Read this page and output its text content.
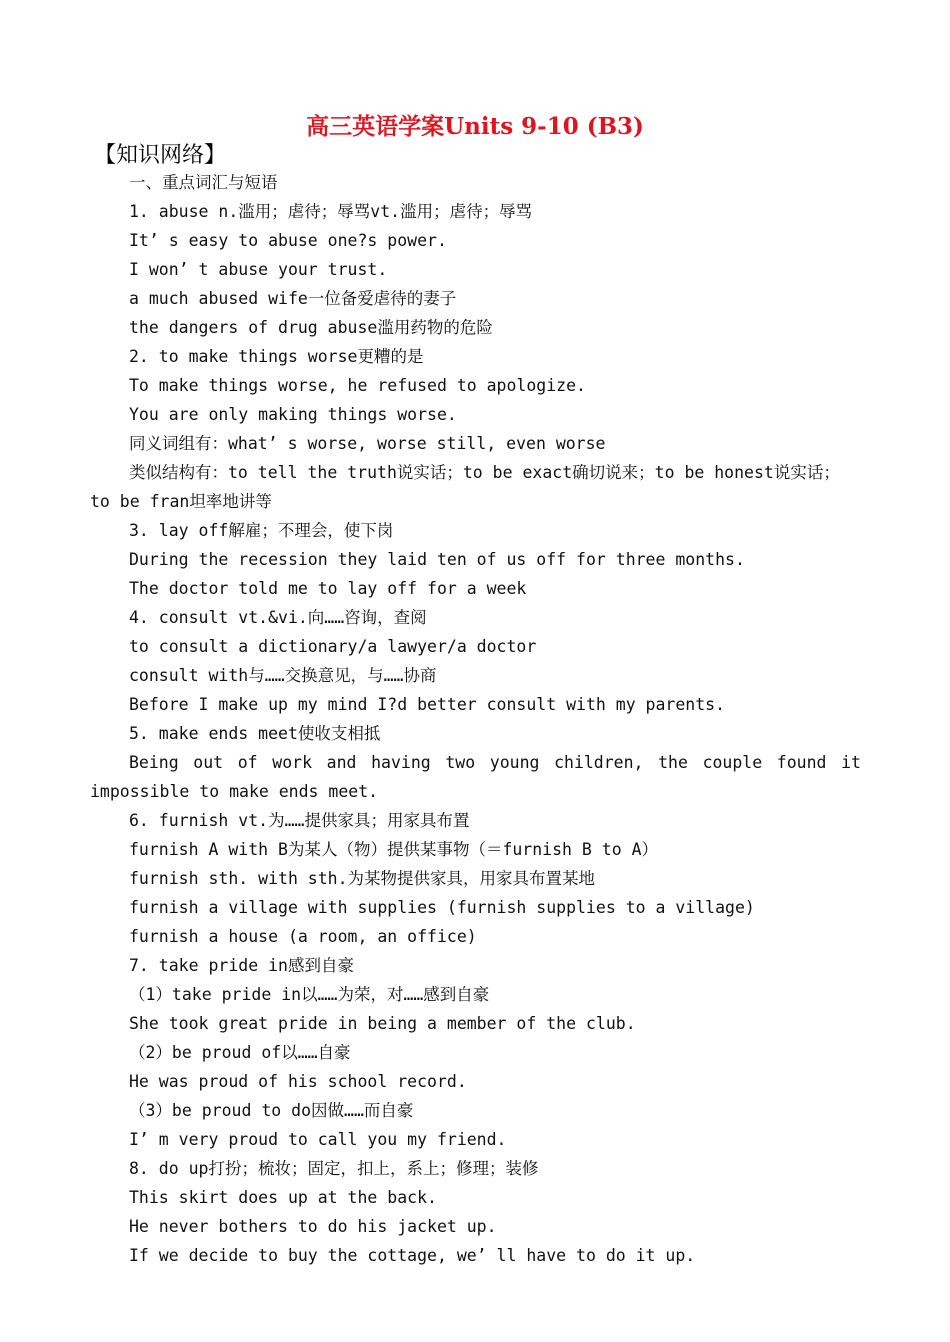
高三英语学案Units 9-10 (B3)
【知识网络】
一、重点词汇与短语
1. abuse n.滥用；虐待；辱骂vt.滥用；虐待；辱骂
It’ s easy to abuse one?s power.
I won’ t abuse your trust.
a much abused wife一位备爱虐待的妻子
the dangers of drug abuse滥用药物的危险
2. to make things worse更糟的是
To make things worse, he refused to apologize.
You are only making things worse.
同义词组有：what’ s worse, worse still, even worse
类似结构有：to tell the truth说实话；to be exact确切说来；to be honest说实话；
to be fran坦率地讲等
3. lay off解雇；不理会，使下岗
During the recession they laid ten of us off for three months.
The doctor told me to lay off for a week
4. consult vt.&vi.向……咨询，查阅
to consult a dictionary/a lawyer/a doctor
consult with与……交换意见，与……协商
Before I make up my mind I?d better consult with my parents.
5. make ends meet使收支相抵
Being out of work and having two young children, the couple found it
impossible to make ends meet.
6. furnish vt.为……提供家具；用家具布置
furnish A with B为某人（物）提供某事物（＝furnish B to A）
furnish sth. with sth.为某物提供家具，用家具布置某地
furnish a village with supplies (furnish supplies to a village)
furnish a house (a room, an office)
7. take pride in感到自豪
（1）take pride in以……为荣，对……感到自豪
She took great pride in being a member of the club.
（2）be proud of以……自豪
He was proud of his school record.
（3）be proud to do因做……而自豪
I’ m very proud to call you my friend.
8. do up打扮；梳妆；固定，扣上，系上；修理；装修
This skirt does up at the back.
He never bothers to do his jacket up.
If we decide to buy the cottage, we’ ll have to do it up.
